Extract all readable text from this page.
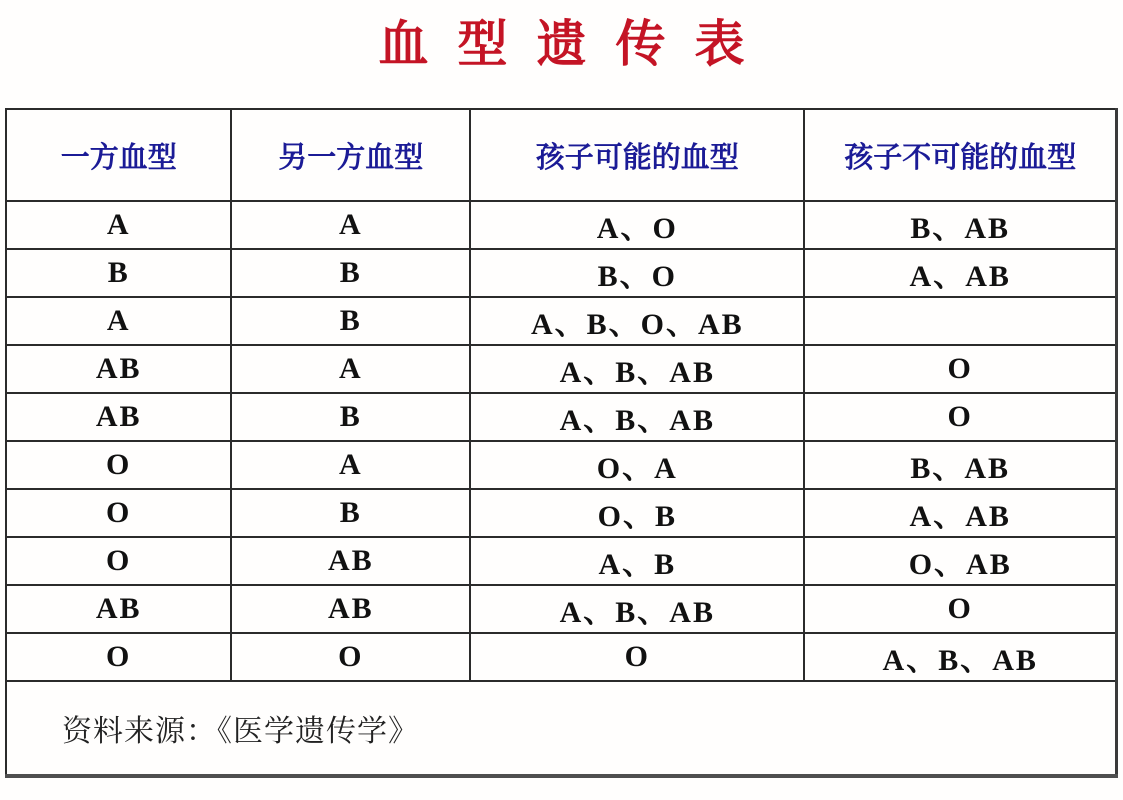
血型遗传表
一方血型	另一方血型	孩子可能的血型	孩子不可能的血型
A	A	A、O	B、AB
B	B	B、O	A、AB
A	B	A、B、O、AB	
AB	A	A、B、AB	O
AB	B	A、B、AB	O
O	A	O、A	B、AB
O	B	O、B	A、AB
O	AB	A、B	O、AB
AB	AB	A、B、AB	O
O	O	O	A、B、AB
资料来源：《医学遗传学》			
